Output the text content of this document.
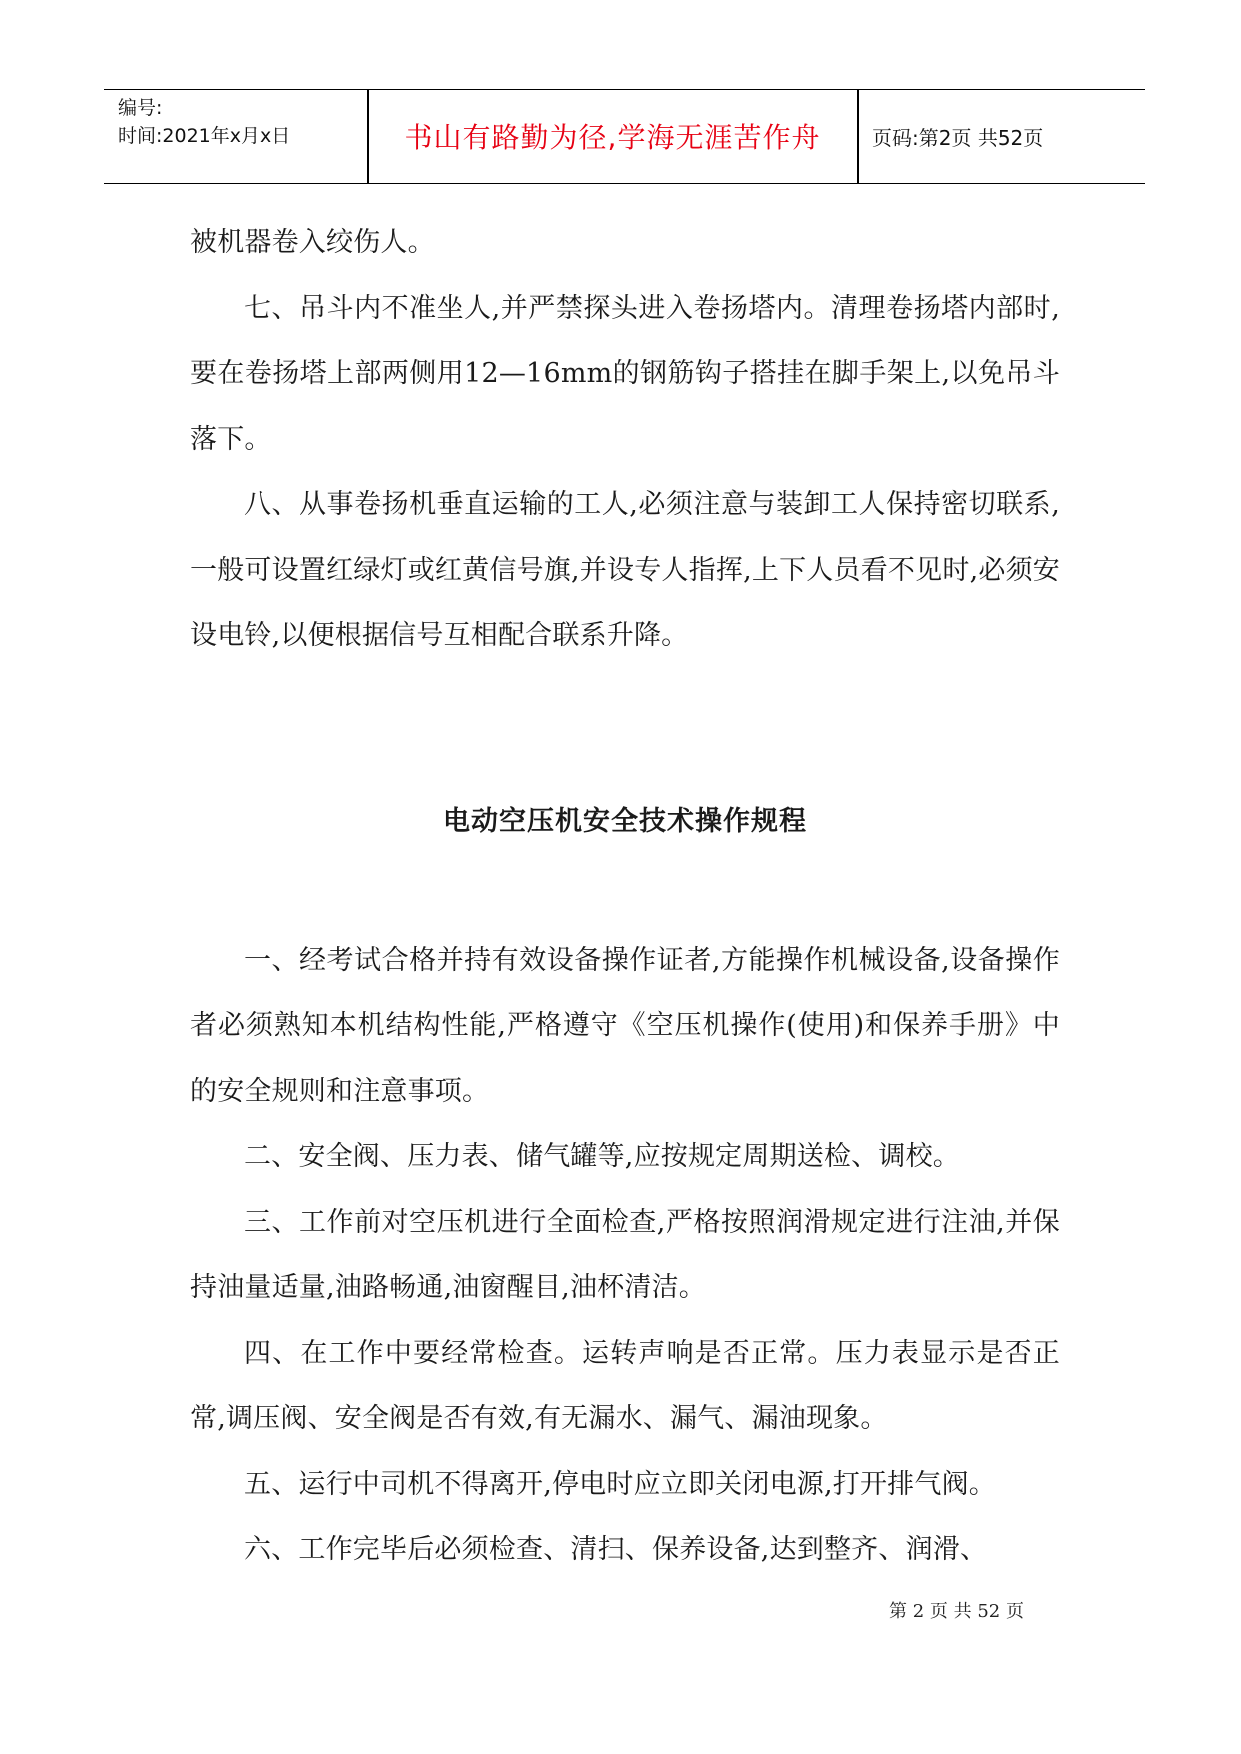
编号:
时间:2021年x月x日	书山有路勤为径,学海无涯苦作舟	页码:第2页 共52页

被机器卷入绞伤人。

七、吊斗内不准坐人,并严禁探头进入卷扬塔内。清理卷扬塔内部时,要在卷扬塔上部两侧用12—16mm的钢筋钩子搭挂在脚手架上,以免吊斗落下。

八、从事卷扬机垂直运输的工人,必须注意与装卸工人保持密切联系,一般可设置红绿灯或红黄信号旗,并设专人指挥,上下人员看不见时,必须安设电铃,以便根据信号互相配合联系升降。

电动空压机安全技术操作规程

一、经考试合格并持有效设备操作证者,方能操作机械设备,设备操作者必须熟知本机结构性能,严格遵守《空压机操作(使用)和保养手册》中的安全规则和注意事项。

二、安全阀、压力表、储气罐等,应按规定周期送检、调校。

三、工作前对空压机进行全面检查,严格按照润滑规定进行注油,并保持油量适量,油路畅通,油窗醒目,油杯清洁。

四、在工作中要经常检查。运转声响是否正常。压力表显示是否正常,调压阀、安全阀是否有效,有无漏水、漏气、漏油现象。

五、运行中司机不得离开,停电时应立即关闭电源,打开排气阀。

六、工作完毕后必须检查、清扫、保养设备,达到整齐、润滑、

第 2 页 共 52 页
